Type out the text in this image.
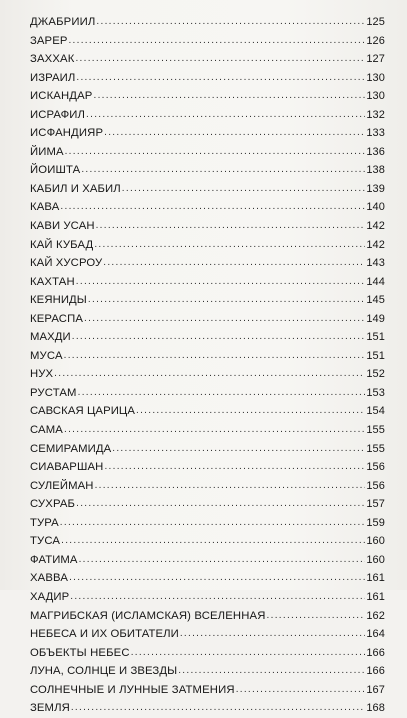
ДЖАБРИИЛ .....	125
ЗАРЕР .....	126
ЗАХХАК .....	127
ИЗРАИЛ .....	130
ИСКАНДАР .....	130
ИСРАФИЛ .....	132
ИСФАНДИЯР .....	133
ЙИМА .....	136
ЙОИШТА .....	138
КАБИЛ И ХАБИЛ .....	139
КАВА .....	140
КАВИ УСАН .....	142
КАЙ КУБАД .....	142
КАЙ ХУСРОУ .....	143
КАХТАН .....	144
КЕЯНИДЫ .....	145
КЕРАСПА .....	149
МАХДИ .....	151
МУСА .....	151
НУХ .....	152
РУСТАМ .....	153
САВСКАЯ ЦАРИЦА .....	154
САМА .....	155
СЕМИРАМИДА .....	155
СИАВАРШАН .....	156
СУЛЕЙМАН .....	156
СУХРАБ .....	157
ТУРА .....	159
ТУСА .....	160
ФАТИМА .....	160
ХАВВА .....	161
ХАДИР .....	161
МАГРИБСКАЯ (ИСЛАМСКАЯ) ВСЕЛЕННАЯ .....	162
НЕБЕСА И ИХ ОБИТАТЕЛИ .....	164
ОБЪЕКТЫ НЕБЕС .....	166
ЛУНА, СОЛНЦЕ И ЗВЕЗДЫ .....	166
СОЛНЕЧНЫЕ И ЛУННЫЕ ЗАТМЕНИЯ .....	167
ЗЕМЛЯ .....	168
